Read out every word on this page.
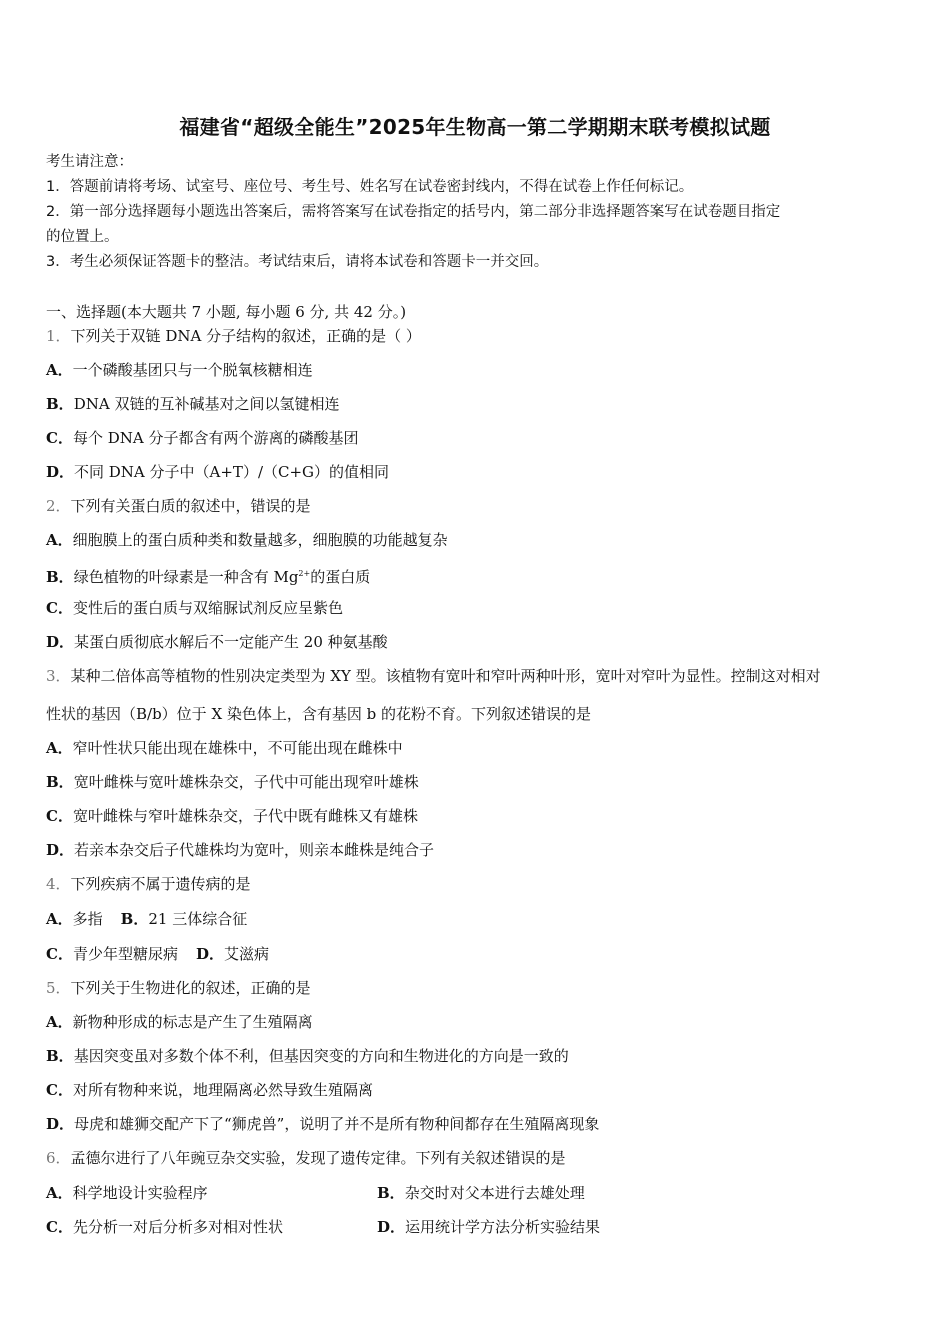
福建省“超级全能生”2025年生物高一第二学期期末联考模拟试题
考生请注意：
1．答题前请将考场、试室号、座位号、考生号、姓名写在试卷密封线内，不得在试卷上作任何标记。
2．第一部分选择题每小题选出答案后，需将答案写在试卷指定的括号内，第二部分非选择题答案写在试卷题目指定
的位置上。
3．考生必须保证答题卡的整洁。考试结束后，请将本试卷和答题卡一并交回。
一、选择题(本大题共 7 小题, 每小题 6 分, 共 42 分。)
1．下列关于双链 DNA 分子结构的叙述，正确的是（ ）
A．一个磷酸基团只与一个脱氧核糖相连
B．DNA 双链的互补碱基对之间以氢键相连
C．每个 DNA 分子都含有两个游离的磷酸基团
D．不同 DNA 分子中（A+T）/（C+G）的值相同
2．下列有关蛋白质的叙述中，错误的是
A．细胞膜上的蛋白质种类和数量越多，细胞膜的功能越复杂
B．绿色植物的叶绿素是一种含有 $Mg^{2+}$的蛋白质
C．变性后的蛋白质与双缩脲试剂反应呈紫色
D．某蛋白质彻底水解后不一定能产生 20 种氨基酸
3．某种二倍体高等植物的性别决定类型为 XY 型。该植物有宽叶和窄叶两种叶形，宽叶对窄叶为显性。控制这对相对
性状的基因（B/b）位于 X 染色体上，含有基因 b 的花粉不育。下列叙述错误的是
A．窄叶性状只能出现在雄株中，不可能出现在雌株中
B．宽叶雌株与宽叶雄株杂交，子代中可能出现窄叶雄株
C．宽叶雌株与窄叶雄株杂交，子代中既有雌株又有雄株
D．若亲本杂交后子代雄株均为宽叶，则亲本雌株是纯合子
4．下列疾病不属于遗传病的是
A．多指 B．21 三体综合征
C．青少年型糖尿病 D．艾滋病
5．下列关于生物进化的叙述，正确的是
A．新物种形成的标志是产生了生殖隔离
B．基因突变虽对多数个体不利，但基因突变的方向和生物进化的方向是一致的
C．对所有物种来说，地理隔离必然导致生殖隔离
D．母虎和雄狮交配产下了“狮虎兽”，说明了并不是所有物种间都存在生殖隔离现象
6．孟德尔进行了八年豌豆杂交实验，发现了遗传定律。下列有关叙述错误的是
A．科学地设计实验程序	B．杂交时对父本进行去雄处理
C．先分析一对后分析多对相对性状	D．运用统计学方法分析实验结果
